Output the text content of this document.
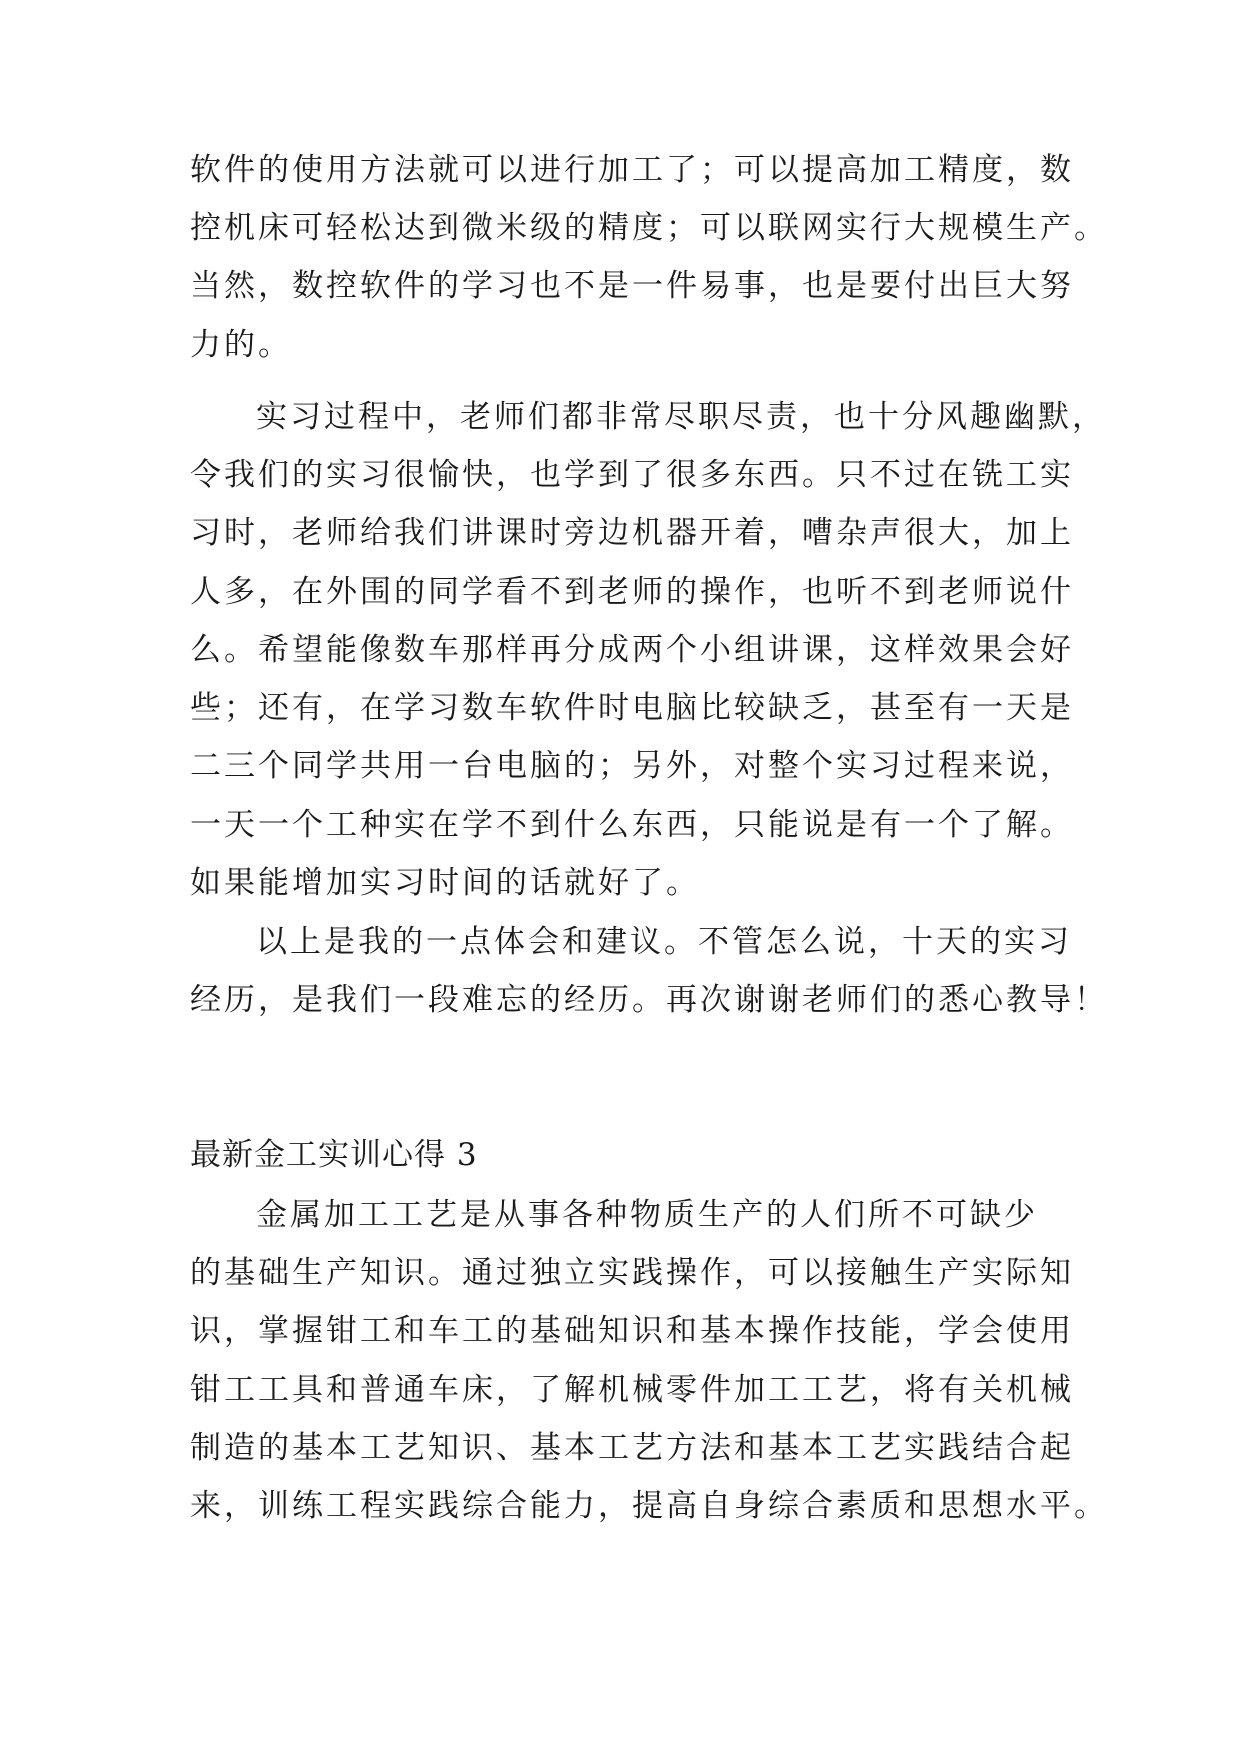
软件的使用方法就可以进行加工了；可以提高加工精度，数
控机床可轻松达到微米级的精度；可以联网实行大规模生产。
当然，数控软件的学习也不是一件易事，也是要付出巨大努
力的。
实习过程中，老师们都非常尽职尽责，也十分风趣幽默，
令我们的实习很愉快，也学到了很多东西。只不过在铣工实
习时，老师给我们讲课时旁边机器开着，嘈杂声很大，加上
人多，在外围的同学看不到老师的操作，也听不到老师说什
么。希望能像数车那样再分成两个小组讲课，这样效果会好
些；还有，在学习数车软件时电脑比较缺乏，甚至有一天是
二三个同学共用一台电脑的；另外，对整个实习过程来说，
一天一个工种实在学不到什么东西，只能说是有一个了解。
如果能增加实习时间的话就好了。
以上是我的一点体会和建议。不管怎么说，十天的实习
经历，是我们一段难忘的经历。再次谢谢老师们的悉心教导！
最新金工实训心得 3
金属加工工艺是从事各种物质生产的人们所不可缺少
的基础生产知识。通过独立实践操作，可以接触生产实际知
识，掌握钳工和车工的基础知识和基本操作技能，学会使用
钳工工具和普通车床，了解机械零件加工工艺，将有关机械
制造的基本工艺知识、基本工艺方法和基本工艺实践结合起
来，训练工程实践综合能力，提高自身综合素质和思想水平。
